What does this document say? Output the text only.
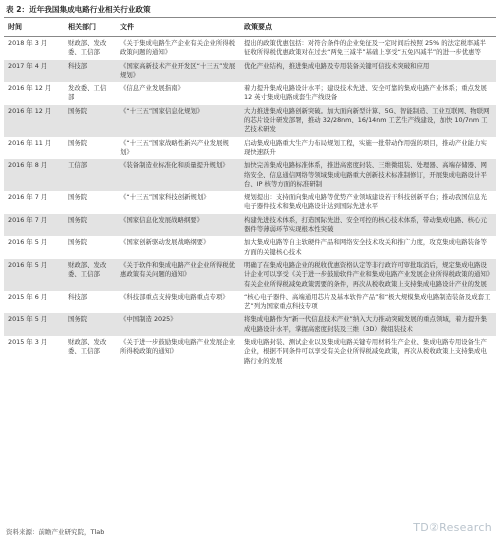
表 2：近年我国集成电路行业相关行业政策
时间	相关部门	文件	政策要点
2018 年 3 月	财政部、发改委、工信部	《关于集成电路生产企业有关企业所得税政策问题的通知》	提出的政策优惠包括：对符合条件的企业免征及一定时间后按照 25% 的法定税率减半征收所得税优惠政策对在过去“两免三减半”基础上享受“五免四减半”的进一步优惠等
2017 年 4 月	科技部	《国家高新技术产业开发区“十三五”发展规划》	优化产业结构，推进集成电路及专用装备关键可信技术突破和应用
2016 年 12 月	发改委、工信部	《信息产业发展指南》	着力提升集成电路设计水平；建设技术先进、安全可靠的集成电路产业体系；重点发展 12 英寸集成电路成套生产线设备
2016 年 12 月	国务院	《“十三五”国家信息化规划》	大力推进集成电路创新突破。加大面向新型计算、5G、智能制造、工业互联网、物联网的芯片设计研发部署，推动 32/28nm、16/14nm 工艺生产线建设，加快 10/7nm 工艺技术研发
2016 年 11 月	国务院	《“十三五”国家战略性新兴产业发展规划》	启动集成电路重大生产力布局规划工程，实施一批带动作用强的项目，推动产业能力实现快速跃升
2016 年 8 月	工信部	《装备制造业标准化和质量提升规划》	加快完善集成电路标准体系，推进高密度封装、三维微组装、处理器、高端存储器、网络安全、信息通信网络等领域集成电路重大创新技术标准制修订，开展集成电路设计平台、IP 核等方面的标准研制
2016 年 7 月	国务院	《“十三五”国家科技创新规划》	规划提出：支持面向集成电路等优势产业领域建设若干科技创新平台；推动我国信息光电子器件技术和集成电路设计达到国际先进水平
2016 年 7 月	国务院	《国家信息化发展战略纲要》	构建先进技术体系，打造国际先进、安全可控的核心技术体系，带动集成电路、核心元器件等薄弱环节实现根本性突破
2016 年 5 月	国务院	《国家创新驱动发展战略纲要》	加大集成电路等自主软硬件产品和网络安全技术攻关和推广力度，攻克集成电路装备等方面的关键核心技术
2016 年 5 月	财政部、发改委、工信部	《关于软件和集成电路产业企业所得税优惠政策有关问题的通知》	明确了在集成电路企业的税收优惠资格认定等非行政许可审批取消后，规定集成电路设计企业可以享受《关于进一步鼓励软件产业和集成电路产业发展企业所得税政策的通知》有关企业所得税减免政策需要的条件，再次从税收政策上支持集成电路设计产业的发展
2015 年 6 月	科技部	《科技部重点支持集成电路重点专项》	“核心电子器件、高端通用芯片及基本软件产品”和“极大规模集成电路制造装备及成套工艺”列为国家重点科技专项
2015 年 5 月	国务院	《中国制造 2025》	将集成电路作为“新一代信息技术产业”纳入大力推动突破发展的重点领域，着力提升集成电路设计水平，掌握高密度封装及三维（3D）微组装技术
2015 年 3 月	财政部、发改委、工信部	《关于进一步鼓励集成电路产业发展企业所得税政策的通知》	集成电路封装、测试企业以及集成电路关键专用材料生产企业、集成电路专用设备生产企业，根据不同条件可以享受有关企业所得税减免政策，再次从税收政策上支持集成电路行业的发展
资料来源：前瞻产业研究院，Tlab	TD②Research
